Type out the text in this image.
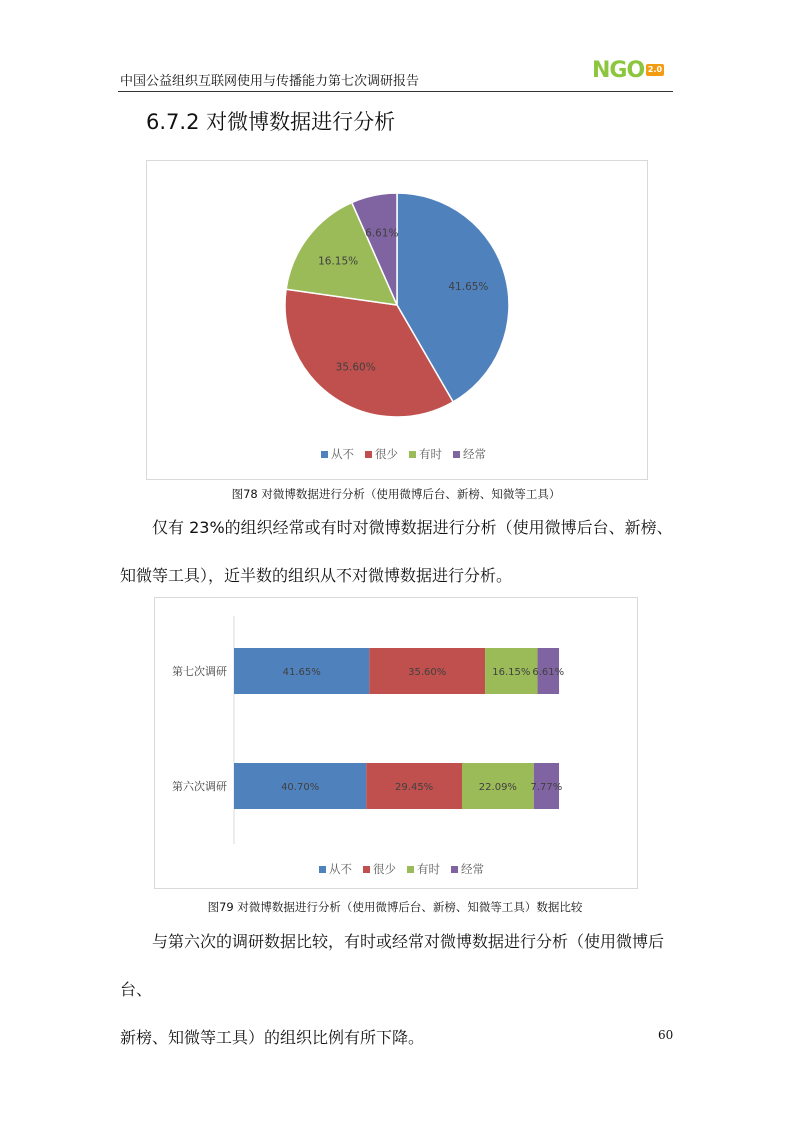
中国公益组织互联网使用与传播能力第七次调研报告	NGO 2.0
6.7.2 对微博数据进行分析
41.65%
35.60%
16.15%
6.61%
从不 很少 有时 经常
图78 对微博数据进行分析（使用微博后台、新榜、知微等工具）
仅有 23%的组织经常或有时对微博数据进行分析（使用微博后台、新榜、
知微等工具），近半数的组织从不对微博数据进行分析。
第七次调研
第六次调研
41.65%	35.60%	16.15% 6.61%
40.70%	29.45%	22.09% 7.77%
从不 很少 有时 经常
图79 对微博数据进行分析（使用微博后台、新榜、知微等工具）数据比较
与第六次的调研数据比较，有时或经常对微博数据进行分析（使用微博后台、
新榜、知微等工具）的组织比例有所下降。	60
